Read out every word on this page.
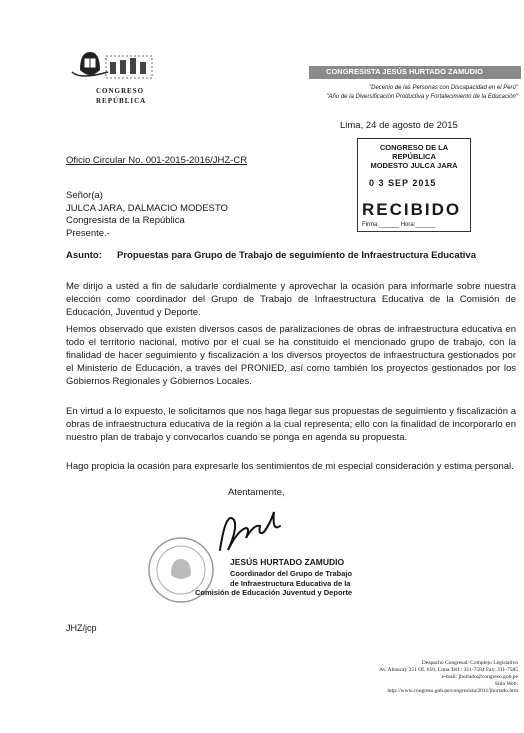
CONGRESO
REPÚBLICA
CONGRESISTA JESÚS HURTADO ZAMUDIO
"Decenio de las Personas con Discapacidad en el Perú"
"Año de la Diversificación Productiva y Fortalecimiento de la Educación"
Lima, 24 de agosto de 2015
CONGRESO DE LA REPÚBLICA
MODESTO JULCA JARA
0 3 SEP 2015
RECIBIDO
Firma:______ Hora:______
Oficio Circular No. 001-2015-2016/JHZ-CR
Señor(a)
JULCA JARA, DALMACIO MODESTO
Congresista de la República
Presente.-
Asunto: Propuestas para Grupo de Trabajo de seguimiento de Infraestructura Educativa
Me dirijo a usted a fin de saludarle cordialmente y aprovechar la ocasión para informarle sobre nuestra elección como coordinador del Grupo de Trabajo de Infraestructura Educativa de la Comisión de Educación, Juventud y Deporte.
Hemos observado que existen diversos casos de paralizaciones de obras de infraestructura educativa en todo el territorio nacional, motivo por el cual se ha constituido el mencionado grupo de trabajo, con la finalidad de hacer seguimiento y fiscalización a los diversos proyectos de infraestructura gestionados por el Ministerio de Educación, a través del PRONIED, así como también los proyectos gestionados por los Gobiernos Regionales y Gobiernos Locales.
En virtud a lo expuesto, le solicitamos que nos haga llegar sus propuestas de seguimiento y fiscalización a obras de infraestructura educativa de la región a la cual representa; ello con la finalidad de incorporarlo en nuestro plan de trabajo y convocarlos cuando se ponga en agenda su propuesta.
Hago propicia la ocasión para expresarle los sentimientos de mi especial consideración y estima personal.
Atentamente,
JESÚS HURTADO ZAMUDIO
Coordinador del Grupo de Trabajo
de Infraestructura Educativa de la
Comisión de Educación Juventud y Deporte
JHZ/jcp
Despacho Congresal: Complejo Legislativo
Av. Abancay 251 Of. 610, Lima Telf.: 311-7584 Fax: 311-7585
e-mail: jhurtado@congreso.gob.pe
Sitio Web:
http://www.congreso.gob.pe/congresista/2011/jhurtado.htm
